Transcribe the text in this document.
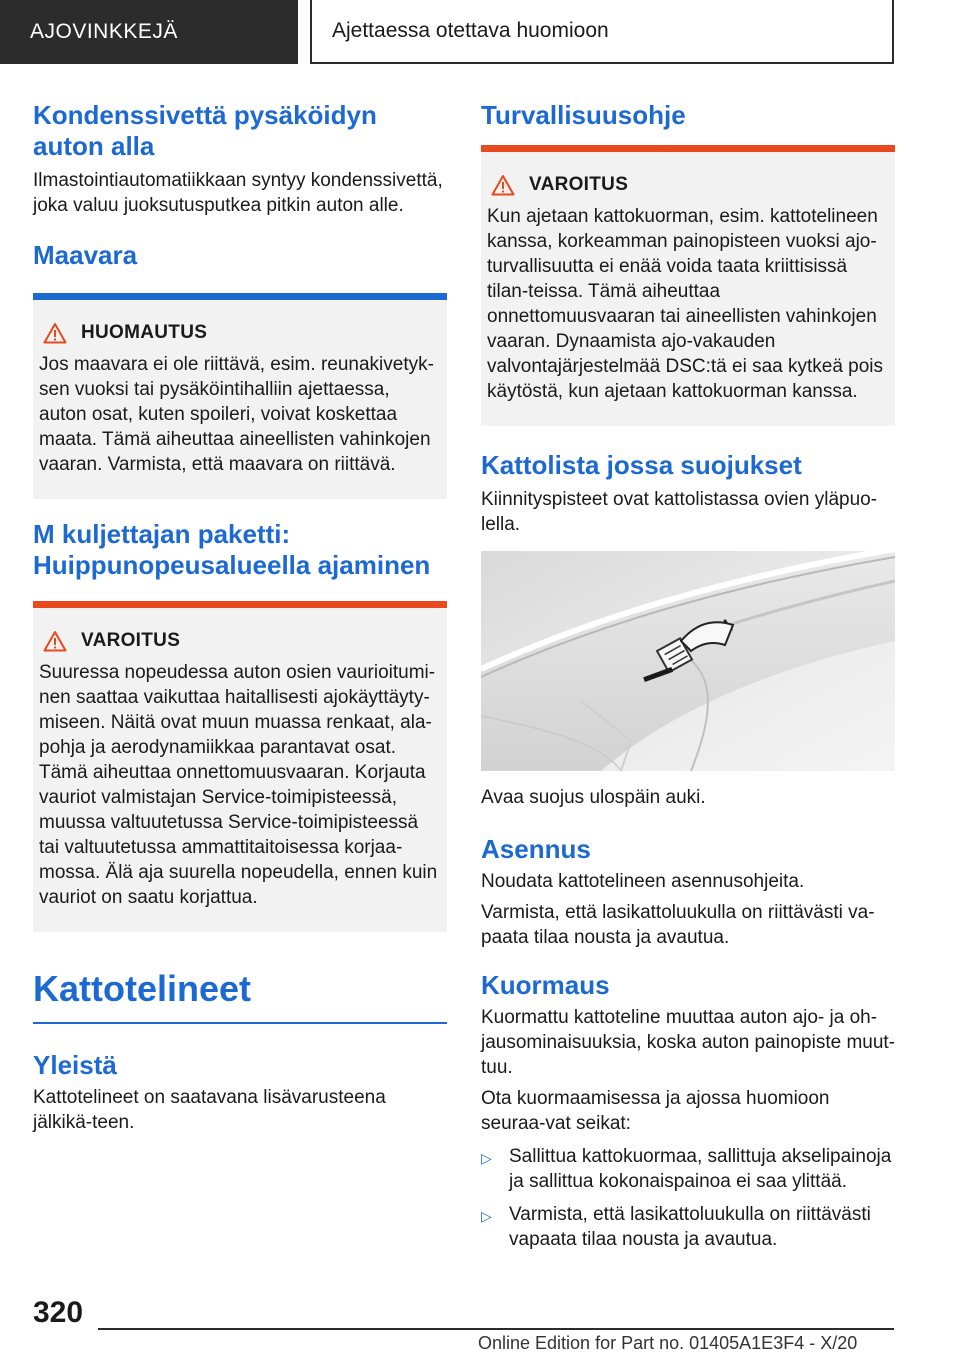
AJOVINKKEJÄ	Ajettaessa otettava huomioon
Kondenssivettä pysäköidyn
auton alla

Ilmastointiautomatiikkaan syntyy kondenssivettä, joka valuu juoksutusputkea pitkin auton alle.

Maavara
HUOMAUTUS

Jos maavara ei ole riittävä, esim. reunakivetyk-sen vuoksi tai pysäköintihalliin ajettaessa, auton osat, kuten spoileri, voivat koskettaa maata. Tämä aiheuttaa aineellisten vahinkojen vaaran. Varmista, että maavara on riittävä.

M kuljettajan paketti:
Huippunopeusalueella ajaminen
VAROITUS

Suuressa nopeudessa auton osien vaurioitumi-nen saattaa vaikuttaa haitallisesti ajokäyttäyty-miseen. Näitä ovat muun muassa renkaat, ala-pohja ja aerodynamiikkaa parantavat osat. Tämä aiheuttaa onnettomuusvaaran. Korjauta vauriot valmistajan Service-toimipisteessä, muussa valtuutetussa Service-toimipisteessä tai valtuutetussa ammattitaitoisessa korjaa-mossa. Älä aja suurella nopeudella, ennen kuin vauriot on saatu korjattua.

Kattotelineet
Yleistä

Kattotelineet on saatavana lisävarusteena jälkikä-teen.

Turvallisuusohje
VAROITUS

Kun ajetaan kattokuorman, esim. kattotelineen kanssa, korkeamman painopisteen vuoksi ajo-turvallisuutta ei enää voida taata kriittisissä tilan-teissa. Tämä aiheuttaa onnettomuusvaaran tai aineellisten vahinkojen vaaran. Dynaamista ajo-vakauden valvontajärjestelmää DSC:tä ei saa kytkeä pois käytöstä, kun ajetaan kattokuorman kanssa.

Kattolista jossa suojukset

Kiinnityspisteet ovat kattolistassa ovien yläpuo-lella.

Avaa suojus ulospäin auki.

Asennus

Noudata kattotelineen asennusohjeita.

Varmista, että lasikattoluukulla on riittävästi va-paata tilaa nousta ja avautua.

Kuormaus

Kuormattu kattoteline muuttaa auton ajo- ja oh-jausominaisuuksia, koska auton painopiste muut-tuu.

Ota kuormaamisessa ja ajossa huomioon seuraa-vat seikat:

▷ Sallittua kattokuormaa, sallittuja akselipainoja ja sallittua kokonaispainoa ei saa ylittää.
▷ Varmista, että lasikattoluukulla on riittävästi vapaata tilaa nousta ja avautua.
320
Online Edition for Part no. 01405A1E3F4 - X/20
